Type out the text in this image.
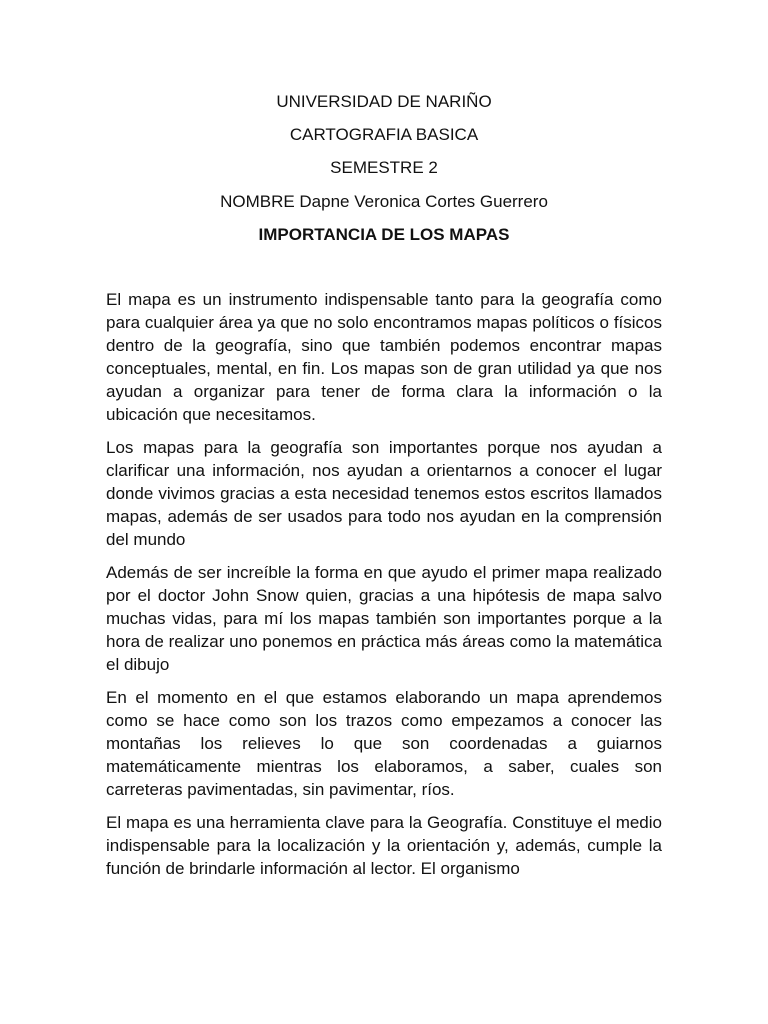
UNIVERSIDAD DE NARIÑO
CARTOGRAFIA BASICA
SEMESTRE 2
NOMBRE Dapne Veronica Cortes Guerrero
IMPORTANCIA DE LOS MAPAS

El mapa es un instrumento indispensable tanto para la geografía como para cualquier área ya que no solo encontramos mapas políticos o físicos dentro de la geografía, sino que también podemos encontrar mapas conceptuales, mental, en fin. Los mapas son de gran utilidad ya que nos ayudan a organizar para tener de forma clara la información o la ubicación que necesitamos.

Los mapas para la geografía son importantes porque nos ayudan a clarificar una información, nos ayudan a orientarnos a conocer el lugar donde vivimos gracias a esta necesidad tenemos estos escritos llamados mapas, además de ser usados para todo nos ayudan en la comprensión del mundo

Además de ser increíble la forma en que ayudo el primer mapa realizado por el doctor John Snow quien, gracias a una hipótesis de mapa salvo muchas vidas, para mí los mapas también son importantes porque a la hora de realizar uno ponemos en práctica más áreas como la matemática el dibujo

En el momento en el que estamos elaborando un mapa aprendemos como se hace como son los trazos como empezamos a conocer las montañas los relieves lo que son coordenadas a guiarnos matemáticamente mientras los elaboramos, a saber, cuales son carreteras pavimentadas, sin pavimentar, ríos.

El mapa es una herramienta clave para la Geografía. Constituye el medio indispensable para la localización y la orientación y, además, cumple la función de brindarle información al lector. El organismo
